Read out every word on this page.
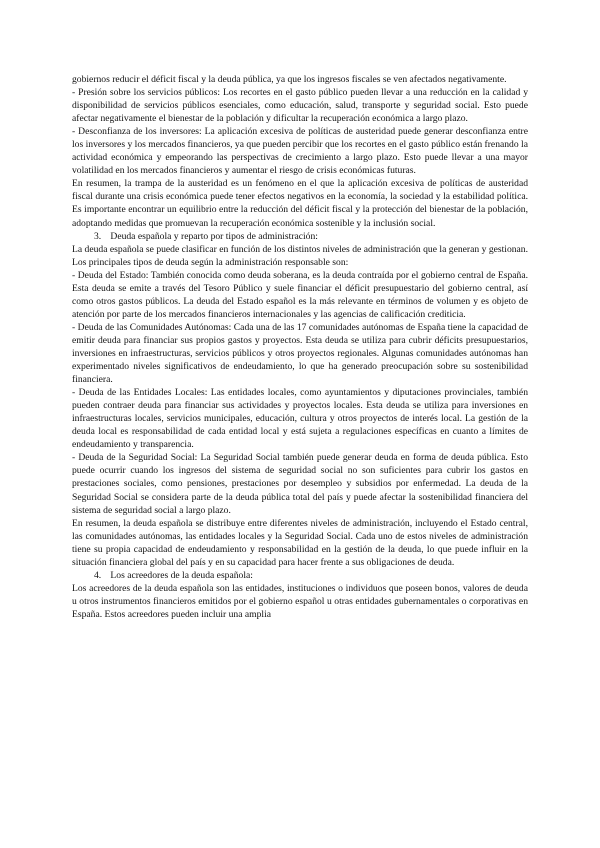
gobiernos reducir el déficit fiscal y la deuda pública, ya que los ingresos fiscales se ven afectados negativamente.

- Presión sobre los servicios públicos: Los recortes en el gasto público pueden llevar a una reducción en la calidad y disponibilidad de servicios públicos esenciales, como educación, salud, transporte y seguridad social. Esto puede afectar negativamente el bienestar de la población y dificultar la recuperación económica a largo plazo.

- Desconfianza de los inversores: La aplicación excesiva de políticas de austeridad puede generar desconfianza entre los inversores y los mercados financieros, ya que pueden percibir que los recortes en el gasto público están frenando la actividad económica y empeorando las perspectivas de crecimiento a largo plazo. Esto puede llevar a una mayor volatilidad en los mercados financieros y aumentar el riesgo de crisis económicas futuras.

En resumen, la trampa de la austeridad es un fenómeno en el que la aplicación excesiva de políticas de austeridad fiscal durante una crisis económica puede tener efectos negativos en la economía, la sociedad y la estabilidad política. Es importante encontrar un equilibrio entre la reducción del déficit fiscal y la protección del bienestar de la población, adoptando medidas que promuevan la recuperación económica sostenible y la inclusión social.

3. Deuda española y reparto por tipos de administración:

La deuda española se puede clasificar en función de los distintos niveles de administración que la generan y gestionan. Los principales tipos de deuda según la administración responsable son:

- Deuda del Estado: También conocida como deuda soberana, es la deuda contraída por el gobierno central de España. Esta deuda se emite a través del Tesoro Público y suele financiar el déficit presupuestario del gobierno central, así como otros gastos públicos. La deuda del Estado español es la más relevante en términos de volumen y es objeto de atención por parte de los mercados financieros internacionales y las agencias de calificación crediticia.

- Deuda de las Comunidades Autónomas: Cada una de las 17 comunidades autónomas de España tiene la capacidad de emitir deuda para financiar sus propios gastos y proyectos. Esta deuda se utiliza para cubrir déficits presupuestarios, inversiones en infraestructuras, servicios públicos y otros proyectos regionales. Algunas comunidades autónomas han experimentado niveles significativos de endeudamiento, lo que ha generado preocupación sobre su sostenibilidad financiera.

- Deuda de las Entidades Locales: Las entidades locales, como ayuntamientos y diputaciones provinciales, también pueden contraer deuda para financiar sus actividades y proyectos locales. Esta deuda se utiliza para inversiones en infraestructuras locales, servicios municipales, educación, cultura y otros proyectos de interés local. La gestión de la deuda local es responsabilidad de cada entidad local y está sujeta a regulaciones específicas en cuanto a límites de endeudamiento y transparencia.

- Deuda de la Seguridad Social: La Seguridad Social también puede generar deuda en forma de deuda pública. Esto puede ocurrir cuando los ingresos del sistema de seguridad social no son suficientes para cubrir los gastos en prestaciones sociales, como pensiones, prestaciones por desempleo y subsidios por enfermedad. La deuda de la Seguridad Social se considera parte de la deuda pública total del país y puede afectar la sostenibilidad financiera del sistema de seguridad social a largo plazo.

En resumen, la deuda española se distribuye entre diferentes niveles de administración, incluyendo el Estado central, las comunidades autónomas, las entidades locales y la Seguridad Social. Cada uno de estos niveles de administración tiene su propia capacidad de endeudamiento y responsabilidad en la gestión de la deuda, lo que puede influir en la situación financiera global del país y en su capacidad para hacer frente a sus obligaciones de deuda.

4. Los acreedores de la deuda española:

Los acreedores de la deuda española son las entidades, instituciones o individuos que poseen bonos, valores de deuda u otros instrumentos financieros emitidos por el gobierno español u otras entidades gubernamentales o corporativas en España. Estos acreedores pueden incluir una amplia
